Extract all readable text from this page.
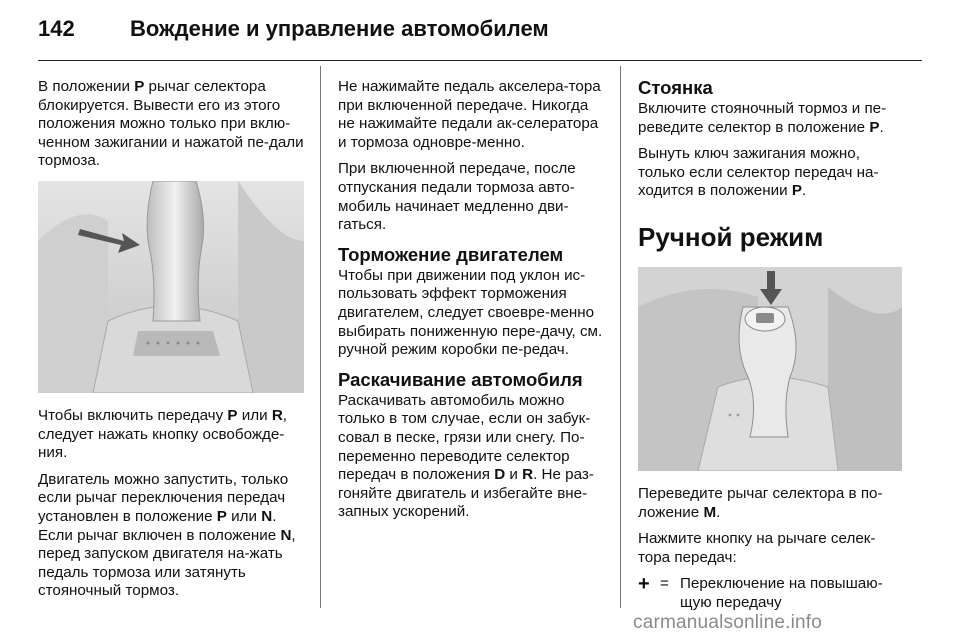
142	Вождение и управление автомобилем

В положении P рычаг селектора блокируется. Вывести его из этого положения можно только при вклю-ченном зажигании и нажатой пе-дали тормоза.

Чтобы включить передачу P или R, следует нажать кнопку освобожде-ния.

Двигатель можно запустить, только если рычаг переключения передач установлен в положение P или N. Если рычаг включен в положение N, перед запуском двигателя на-жать педаль тормоза или затянуть стояночный тормоз.

Не нажимайте педаль акселера-тора при включенной передаче. Никогда не нажимайте педали ак-селератора и тормоза одновре-менно.

При включенной передаче, после отпускания педали тормоза авто-мобиль начинает медленно дви-гаться.

Торможение двигателем

Чтобы при движении под уклон ис-пользовать эффект торможения двигателем, следует своевре-менно выбирать пониженную пере-дачу, см. ручной режим коробки пе-редач.

Раскачивание автомобиля

Раскачивать автомобиль можно только в том случае, если он забук-совал в песке, грязи или снегу. По-переменно переводите селектор передач в положения D и R. Не раз-гоняйте двигатель и избегайте вне-запных ускорений.

Стоянка

Включите стояночный тормоз и пе-реведите селектор в положение P.

Вынуть ключ зажигания можно, только если селектор передач на-ходится в положении P.

Ручной режим

Переведите рычаг селектора в по-ложение M.

Нажмите кнопку на рычаге селек-тора передач:

+ = Переключение на повышаю-щую передачу
carmanualsonline.info
